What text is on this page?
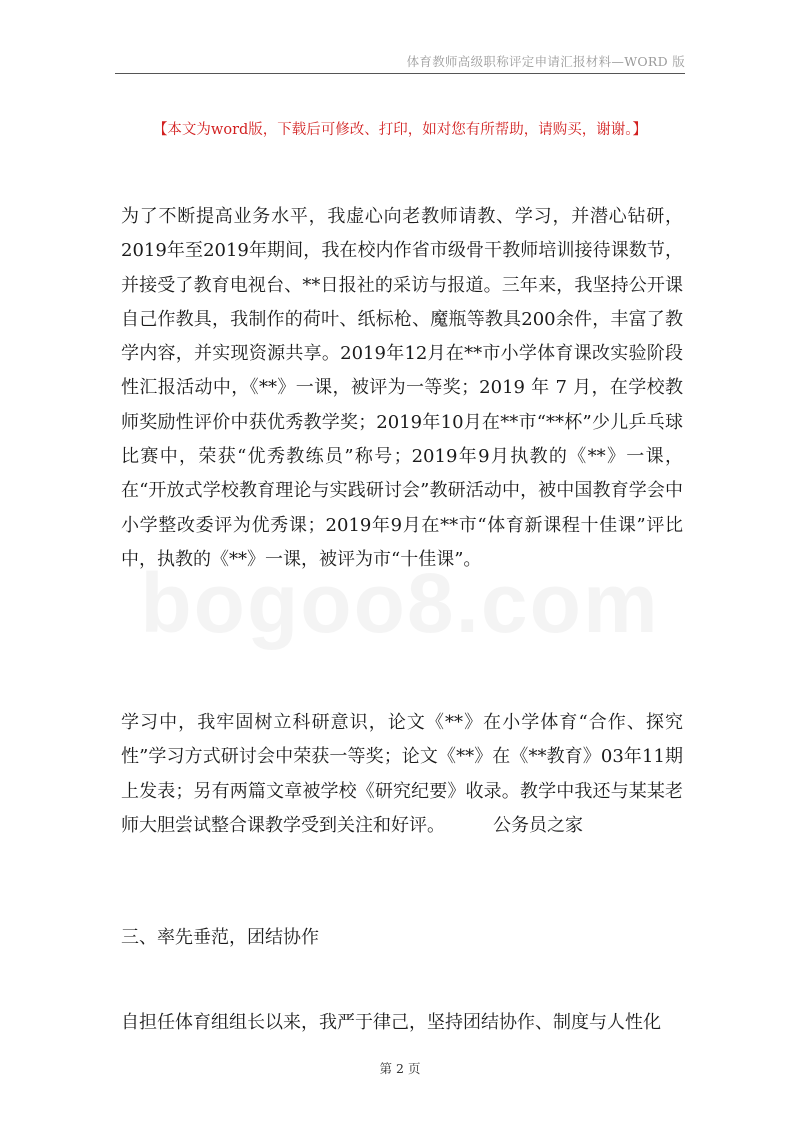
体育教师高级职称评定申请汇报材料—WORD 版
【本文为word版，下载后可修改、打印，如对您有所帮助，请购买，谢谢。】

为了不断提高业务水平，我虚心向老教师请教、学习，并潜心钻研，2019年至2019年期间，我在校内作省市级骨干教师培训接待课数节，并接受了教育电视台、**日报社的采访与报道。三年来，我坚持公开课自己作教具，我制作的荷叶、纸标枪、魔瓶等教具200余件，丰富了教学内容，并实现资源共享。2019年12月在**市小学体育课改实验阶段性汇报活动中，《**》一课，被评为一等奖；2019 年 7 月，在学校教师奖励性评价中获优秀教学奖；2019年10月在**市“**杯”少儿乒乓球比赛中，荣获“优秀教练员”称号；2019年9月执教的《**》一课，在“开放式学校教育理论与实践研讨会”教研活动中，被中国教育学会中小学整改委评为优秀课；2019年9月在**市“体育新课程十佳课”评比中，执教的《**》一课，被评为市“十佳课”。

学习中，我牢固树立科研意识，论文《**》在小学体育“合作、探究性”学习方式研讨会中荣获一等奖；论文《**》在《**教育》03年11期上发表；另有两篇文章被学校《研究纪要》收录。教学中我还与某某老师大胆尝试整合课教学受到关注和好评。	公务员之家

三、率先垂范，团结协作

自担任体育组组长以来，我严于律己，坚持团结协作、制度与人性化

第 2 页
